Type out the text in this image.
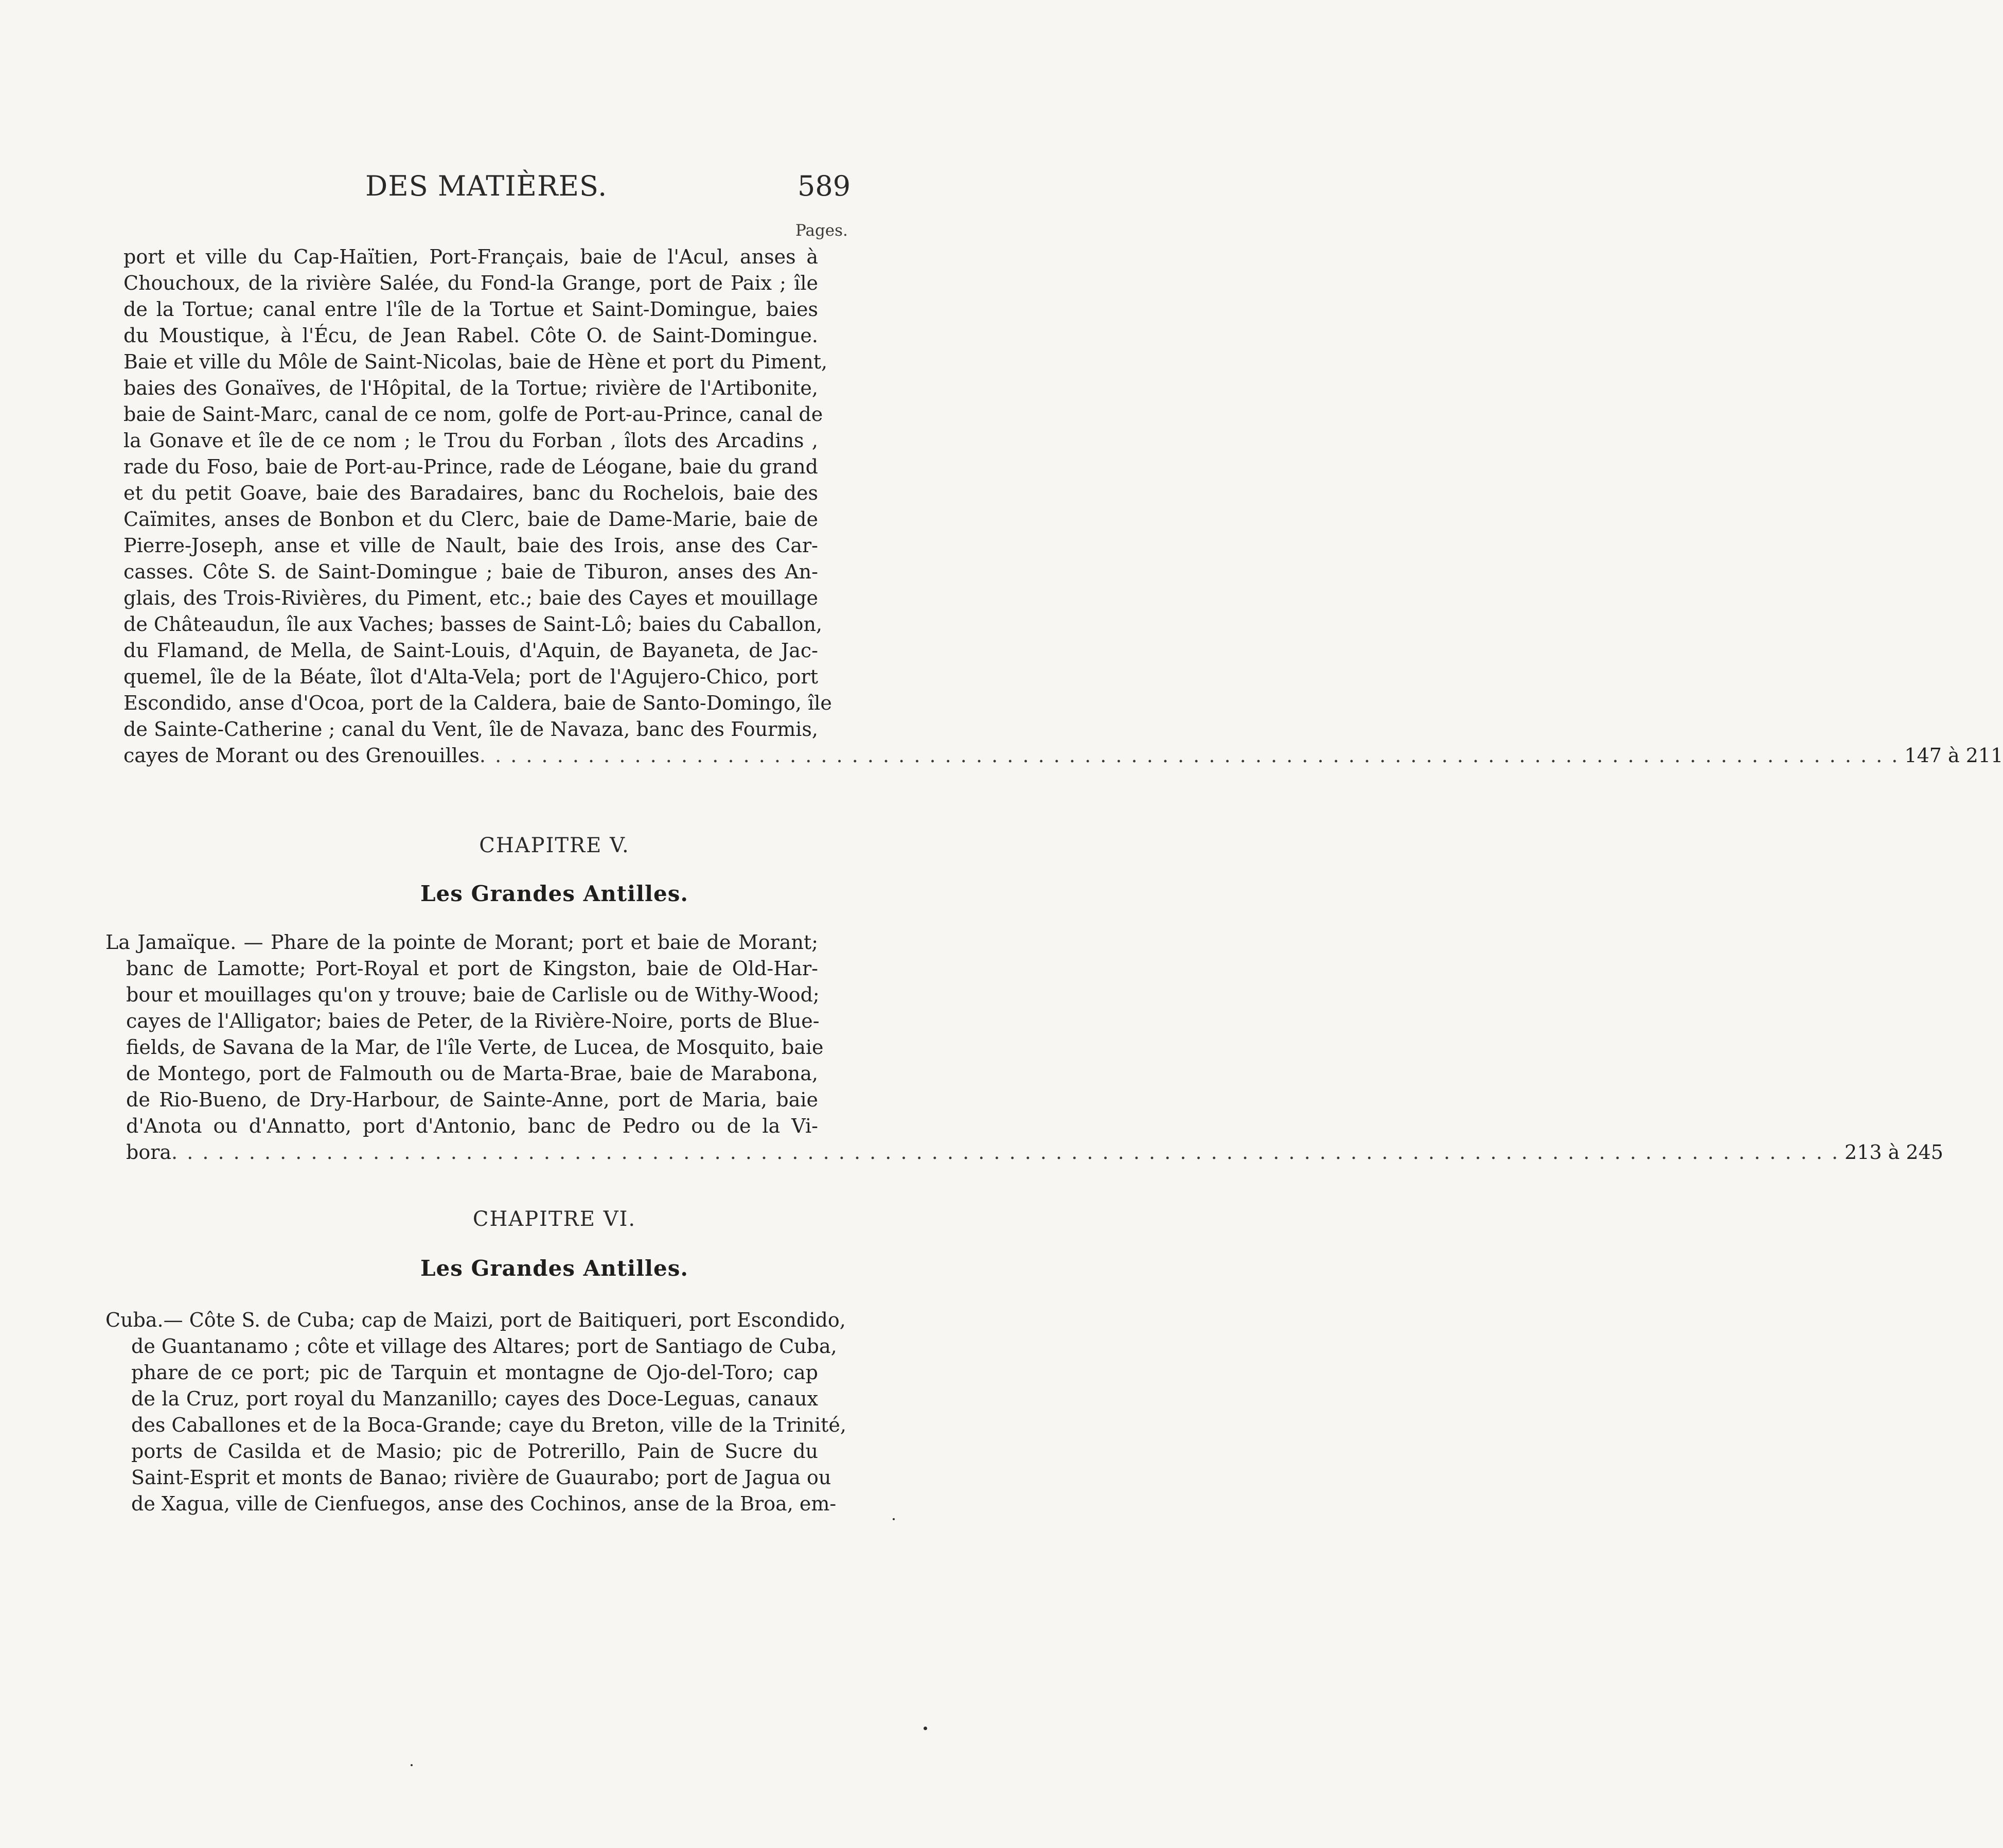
DES MATIÈRES.	589
Pages.
port et ville du Cap-Haïtien, Port-Français, baie de l'Acul, anses à
Chouchoux, de la rivière Salée, du Fond-la Grange, port de Paix ; île
de la Tortue; canal entre l'île de la Tortue et Saint-Domingue, baies
du Moustique, à l'Écu, de Jean Rabel. Côte O. de Saint-Domingue.
Baie et ville du Môle de Saint-Nicolas, baie de Hène et port du Piment,
baies des Gonaïves, de l'Hôpital, de la Tortue; rivière de l'Artibonite,
baie de Saint-Marc, canal de ce nom, golfe de Port-au-Prince, canal de
la Gonave et île de ce nom ; le Trou du Forban , îlots des Arcadins ,
rade du Foso, baie de Port-au-Prince, rade de Léogane, baie du grand
et du petit Goave, baie des Baradaires, banc du Rochelois, baie des
Caïmites, anses de Bonbon et du Clerc, baie de Dame-Marie, baie de
Pierre-Joseph, anse et ville de Nault, baie des Irois, anse des Car-
casses. Côte S. de Saint-Domingue ; baie de Tiburon, anses des An-
glais, des Trois-Rivières, du Piment, etc.; baie des Cayes et mouillage
de Châteaudun, île aux Vaches; basses de Saint-Lô; baies du Caballon,
du Flamand, de Mella, de Saint-Louis, d'Aquin, de Bayaneta, de Jac-
quemel, île de la Béate, îlot d'Alta-Vela; port de l'Agujero-Chico, port
Escondido, anse d'Ocoa, port de la Caldera, baie de Santo-Domingo, île
de Sainte-Catherine ; canal du Vent, île de Navaza, banc des Fourmis,
cayes de Morant ou des Grenouilles . . . . . . . . . . . . . . . . . . . . . . . . . . . . . . . . . . . . . . . . . . . . . . . . . . . . . . . . . . . . . . . . . . . . . . . . . . . . . . . . . . . . . . . . . . . . 147 à 211
CHAPITRE V.
Les Grandes Antilles.
La Jamaïque. — Phare de la pointe de Morant; port et baie de Morant;
banc de Lamotte; Port-Royal et port de Kingston, baie de Old-Har-
bour et mouillages qu'on y trouve; baie de Carlisle ou de Withy-Wood;
cayes de l'Alligator; baies de Peter, de la Rivière-Noire, ports de Blue-
fields, de Savana de la Mar, de l'île Verte, de Lucea, de Mosquito, baie
de Montego, port de Falmouth ou de Marta-Brae, baie de Marabona,
de Rio-Bueno, de Dry-Harbour, de Sainte-Anne, port de Maria, baie
d'Anota ou d'Annatto, port d'Antonio, banc de Pedro ou de la Vi-
bora . . . . . . . . . . . . . . . . . . . . . . . . . . . . . . . . . . . . . . . . . . . . . . . . . . . . . . . . . . . . . . . . . . . . . . . . . . . . . . . . . . . . . . . . . . . . . . . . . . . . . . . . . . . . 213 à 245
CHAPITRE VI.
Les Grandes Antilles.
Cuba.— Côte S. de Cuba; cap de Maizi, port de Baitiqueri, port Escondido,
de Guantanamo ; côte et village des Altares; port de Santiago de Cuba,
phare de ce port; pic de Tarquin et montagne de Ojo-del-Toro; cap
de la Cruz, port royal du Manzanillo; cayes des Doce-Leguas, canaux
des Caballones et de la Boca-Grande; caye du Breton, ville de la Trinité,
ports de Casilda et de Masio; pic de Potrerillo, Pain de Sucre du
Saint-Esprit et monts de Banao; rivière de Guaurabo; port de Jagua ou
de Xagua, ville de Cienfuegos, anse des Cochinos, anse de la Broa, em-
